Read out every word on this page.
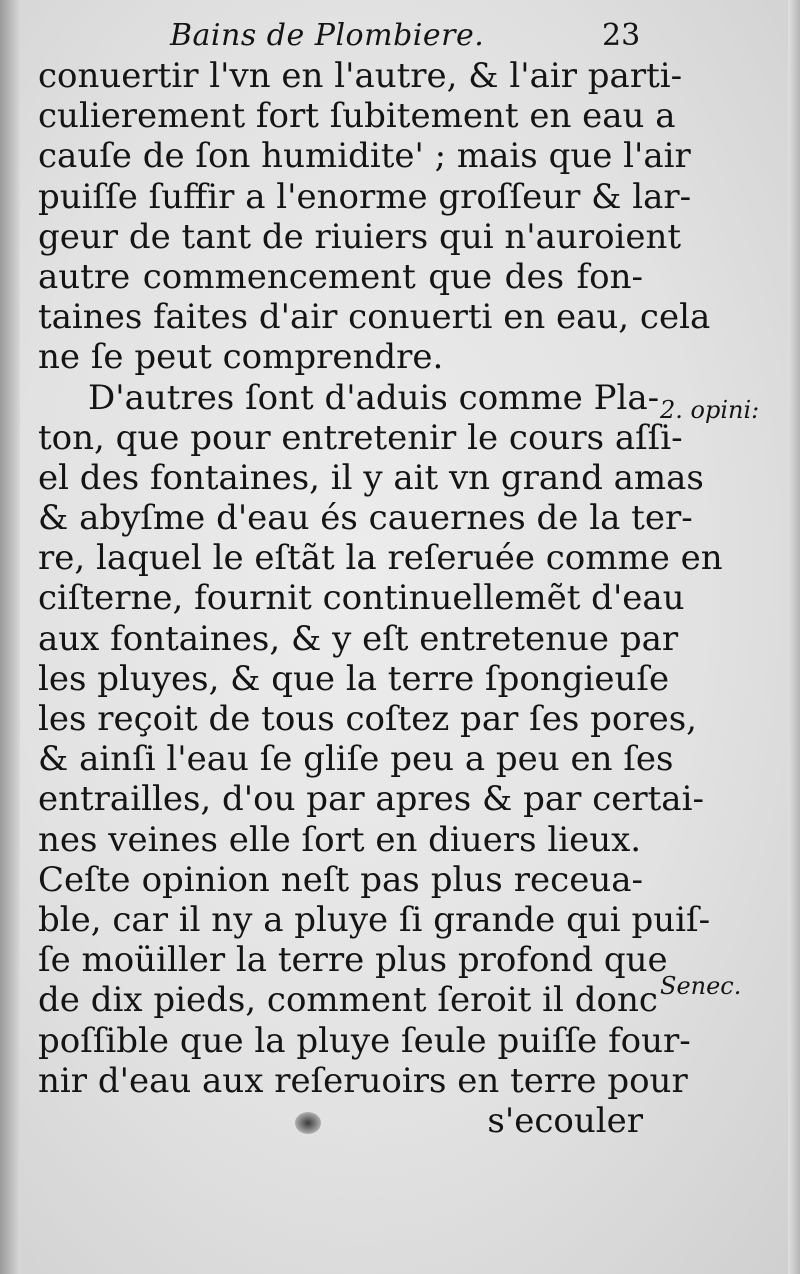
Bains de Plombiere.	23
conuertir l'vn en l'autre, & l'air parti-
culierement fort ſubitement en eau a
cauſe de ſon humidite' ; mais que l'air
puiſſe ſuffir a l'enorme groſſeur & lar-
geur de tant de riuiers qui n'auroient
autre commencement que des fon-
taines faites d'air conuerti en eau, cela
ne ſe peut comprendre.
D'autres ſont d'aduis comme Pla-
ton, que pour entretenir le cours aſſi-
el des fontaines, il y ait vn grand amas
& abyſme d'eau és cauernes de la ter-
re, laquel le eſtãt la reſeruée comme en
ciſterne, fournit continuellemẽt d'eau
aux fontaines, & y eſt entretenue par
les pluyes, & que la terre ſpongieuſe
les reçoit de tous coſtez par ſes pores,
& ainſi l'eau ſe gliſe peu a peu en ſes
entrailles, d'ou par apres & par certai-
nes veines elle ſort en diuers lieux.
Ceſte opinion neſt pas plus receua-
ble, car il ny a pluye ſi grande qui puiſ-
ſe moüiller la terre plus profond que
de dix pieds, comment ſeroit il donc
poſſible que la pluye ſeule puiſſe four-
nir d'eau aux reſeruoirs en terre pour
s'ecouler
2. opini:
Senec.
